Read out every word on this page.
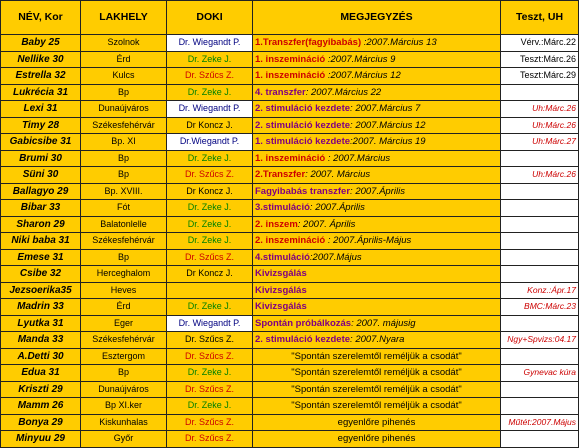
NÉV, Kor	LAKHELY	DOKI	MEGJEGYZÉS	Teszt, UH
Baby 25	Szolnok	Dr. Wiegandt P.	1.Transzfer(fagyibabás) :2007.Március 13	Vérv.:Márc.22
Nellike 30	Érd	Dr. Zeke J.	1. inszemináció :2007.Március 9	Teszt:Márc.26
Estrella 32	Kulcs	Dr. Szűcs Z.	1. inszemináció :2007.Március 12	Teszt:Márc.29
Lukrécia 31	Bp	Dr. Zeke J.	4. transzfer: 2007.Március 22	
Lexi 31	Dunaújváros	Dr. Wiegandt P.	2. stimuláció kezdete: 2007.Március 7	Uh:Márc.26
Timy 28	Székesfehérvár	Dr Koncz J.	2. stimuláció kezdete: 2007.Március 12	Uh:Márc.26
Gabicsibe 31	Bp. XI	Dr.Wiegandt P.	1. stimuláció kezdete:2007. Március 19	Uh:Márc.27
Brumi 30	Bp	Dr. Zeke J.	1. inszemináció : 2007.Március	
Süni 30	Bp	Dr. Szűcs Z.	2.Transzfer: 2007. Március	Uh:Márc.26
Ballagyo 29	Bp. XVIII.	Dr Koncz J.	Fagyibabás transzfer: 2007.Április	
Bibar 33	Fót	Dr. Zeke J.	3.stimuláció: 2007.Április	
Sharon 29	Balatonlelle	Dr. Zeke J.	2. inszem: 2007. Április	
Niki baba 31	Székesfehérvár	Dr. Zeke J.	2. inszemináció : 2007.Április-Május	
Emese 31	Bp	Dr. Szűcs Z.	4.stimuláció:2007.Május	
Csibe 32	Herceghalom	Dr Koncz J.	Kivizsgálás	
Jezsoerika35	Heves		Kivizsgálás	Konz.:Ápr.17
Madrin 33	Érd	Dr. Zeke J.	Kivizsgálás	BMC:Márc.23
Lyutka 31	Eger	Dr. Wiegandt P.	Spontán próbálkozás: 2007. májusig	
Manda 33	Székesfehérvár	Dr. Szűcs Z.	2. stimuláció kezdete: 2007.Nyara	Ngy+Spvizs:04.17
A.Detti 30	Esztergom	Dr. Szűcs Z.	"Spontán szerelemtől reméljük a csodát"	
Edua 31	Bp	Dr. Zeke J.	"Spontán szerelemtől reméljük a csodát"	Gynevac kúra
Kriszti 29	Dunaújváros	Dr. Szűcs Z.	"Spontán szerelemtől reméljük a csodát"	
Mamm 26	Bp XI.ker	Dr. Zeke J.	"Spontán szerelemtől reméljük a csodát"	
Bonya 29	Kiskunhalas	Dr. Szűcs Z.	egyenlőre pihenés	Műtét:2007.Május
Minyuu 29	Győr	Dr. Szűcs Z.	egyenlőre pihenés	
